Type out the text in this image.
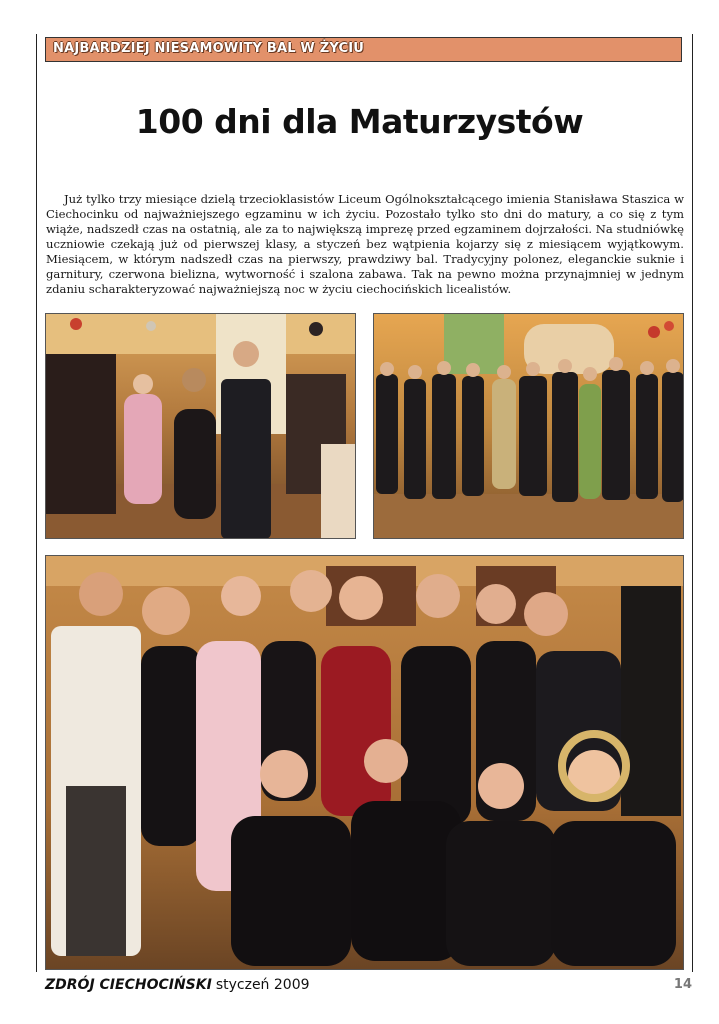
NAJBARDZIEJ NIESAMOWITY BAL W ŻYCIU
100 dni dla Maturzystów
Już tylko trzy miesiące dzielą trzecioklasistów Liceum Ogólnokształcącego imienia Stanisława Staszica w Ciechocinku od najważniejszego egzaminu w ich życiu. Pozostało tylko sto dni do matury, a co się z tym wiąże, nadszedł czas na ostatnią, ale za to największą imprezę przed egzaminem dojrzałości. Na studniówkę uczniowie czekają już od pierwszej klasy, a styczeń bez wątpienia kojarzy się z miesiącem wyjątkowym. Miesiącem, w którym nadszedł czas na pierwszy, prawdziwy bal. Tradycyjny polonez, eleganckie suknie i garnitury, czerwona bielizna, wytworność i szalona zabawa. Tak na pewno można przynajmniej w jednym zdaniu scharakteryzować najważniejszą noc w życiu ciechocińskich licealistów.
ZDRÓJ CIECHOCIŃSKI styczeń 2009	14
